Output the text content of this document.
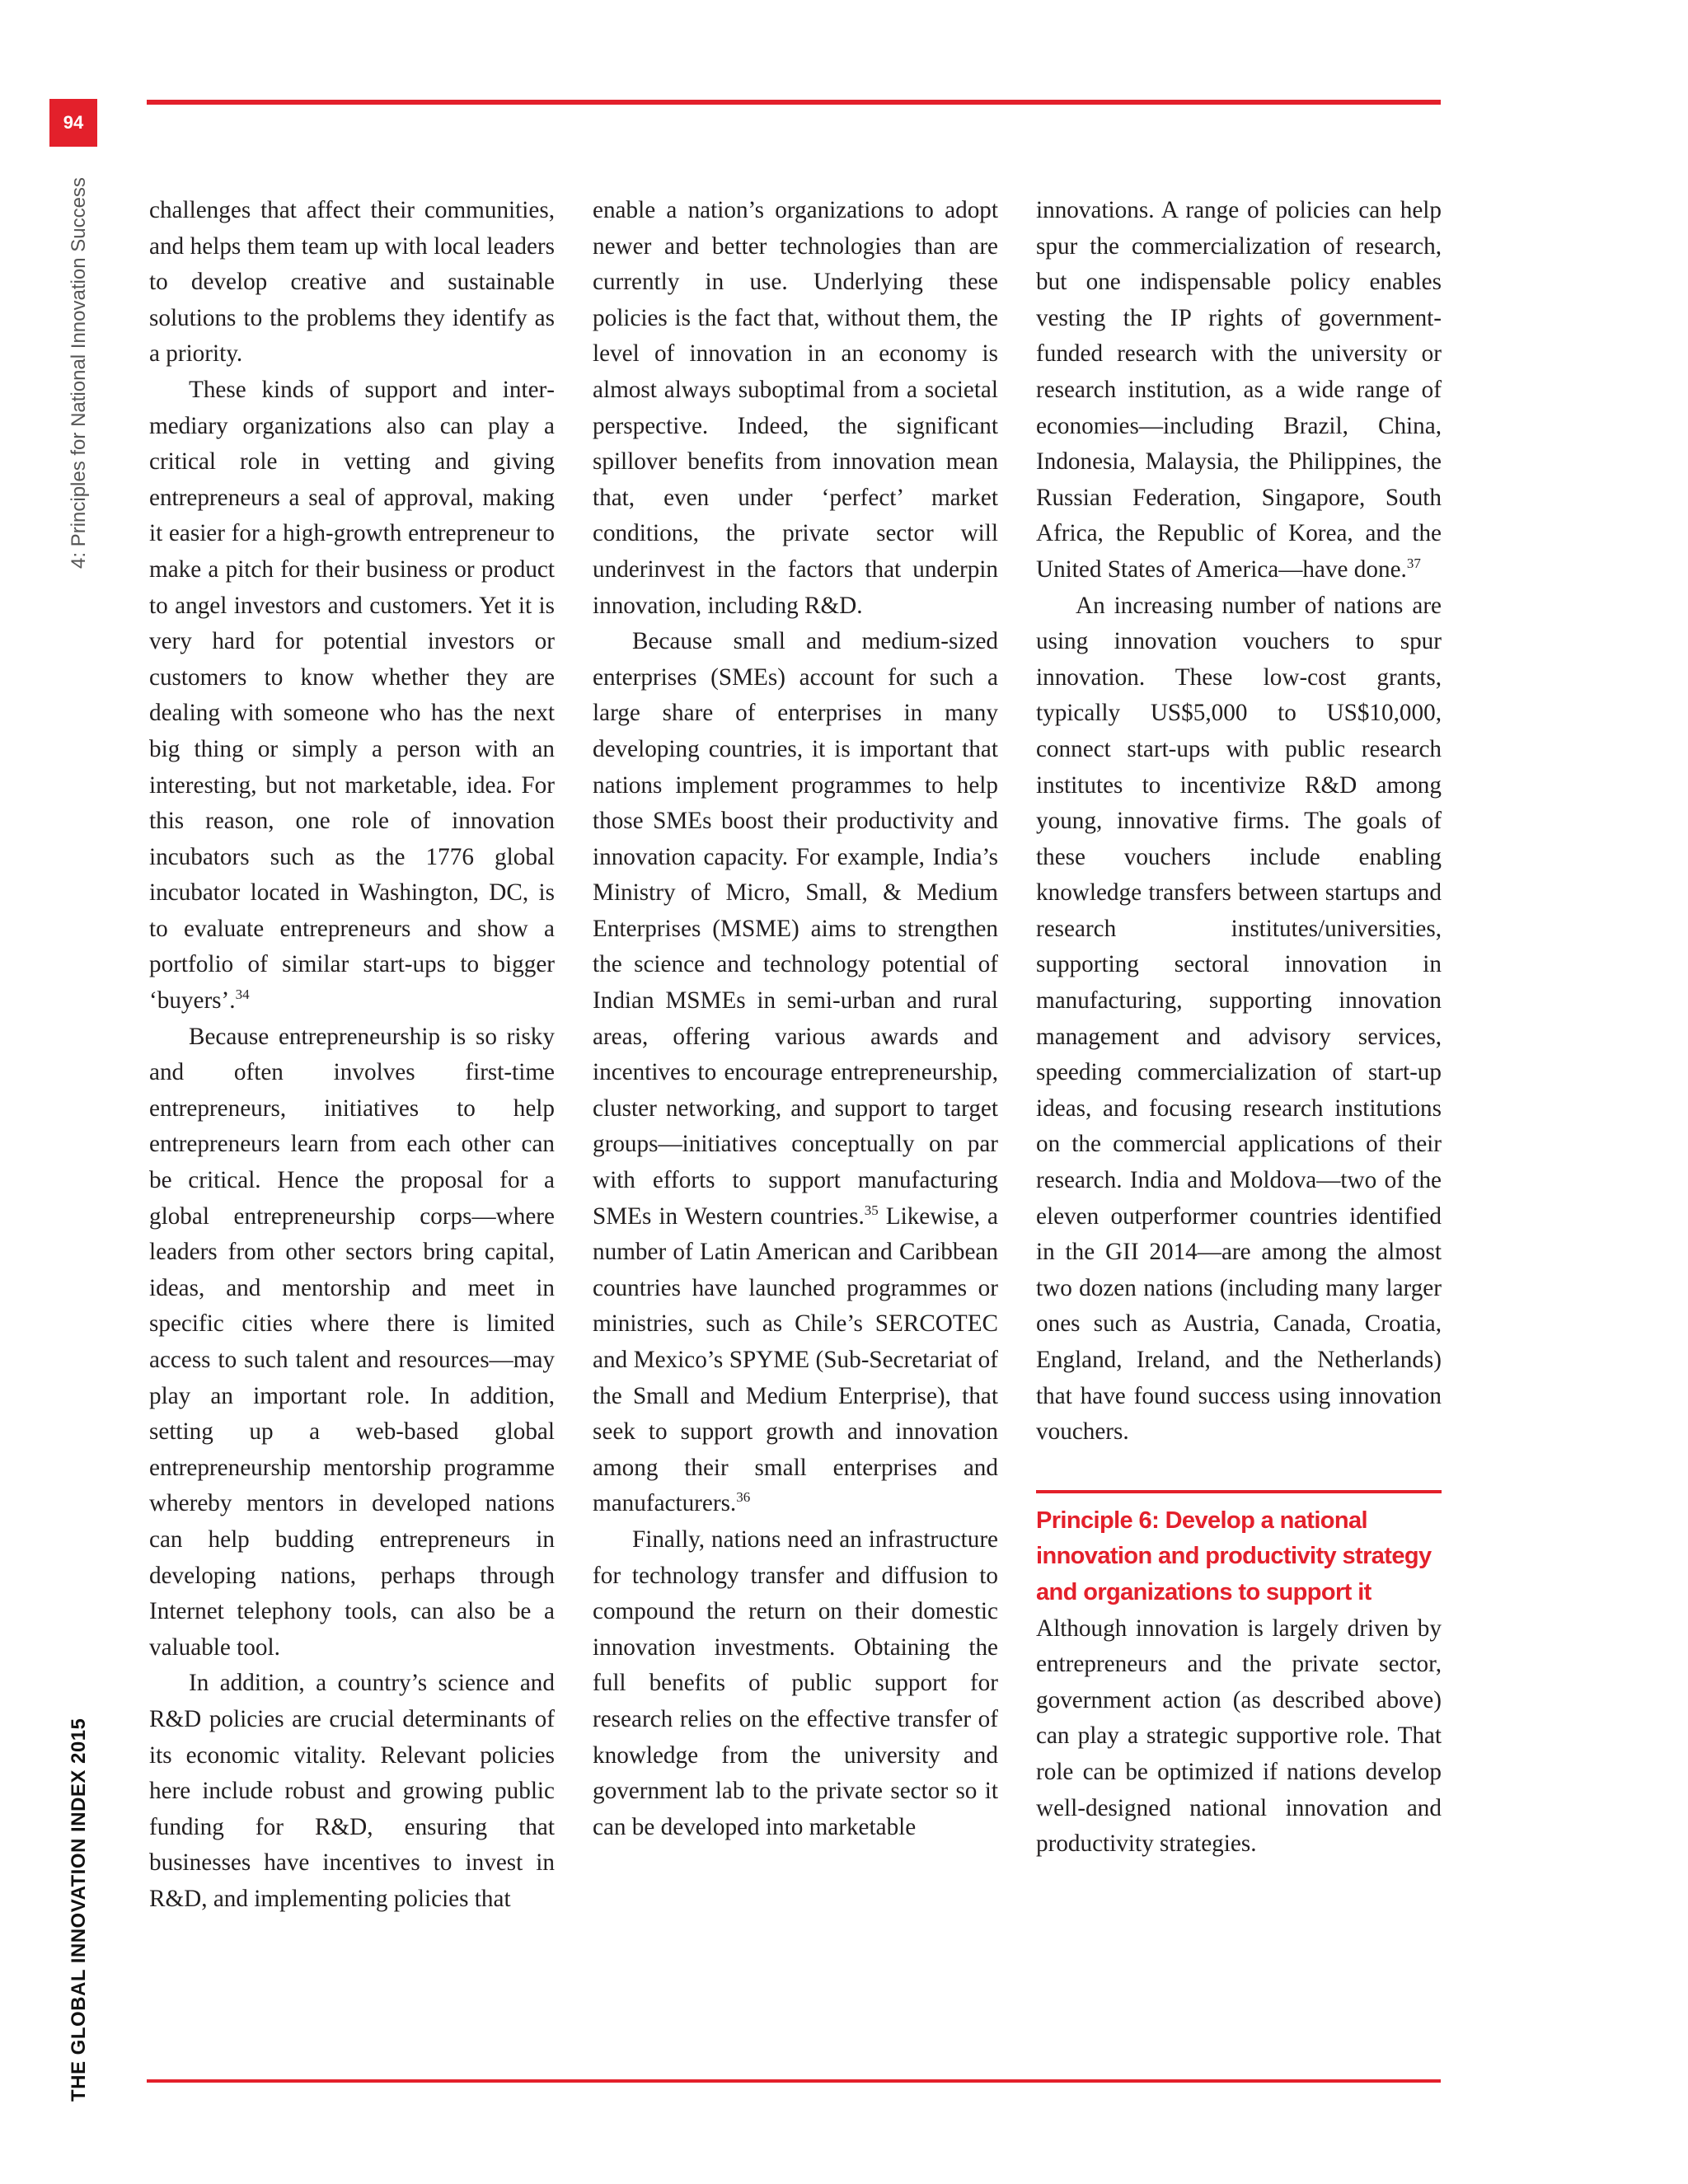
94
4: Principles for National Innovation Success
THE GLOBAL INNOVATION INDEX 2015

challenges that affect their communities, and helps them team up with local leaders to develop creative and sustainable solutions to the problems they identify as a priority.

These kinds of support and intermediary organizations also can play a critical role in vetting and giving entrepreneurs a seal of approval, making it easier for a high-growth entrepreneur to make a pitch for their business or product to angel investors and customers. Yet it is very hard for potential investors or customers to know whether they are dealing with someone who has the next big thing or simply a person with an interesting, but not marketable, idea. For this reason, one role of innovation incubators such as the 1776 global incubator located in Washington, DC, is to evaluate entrepreneurs and show a portfolio of similar start-ups to bigger ‘buyers’.$^{34}$

Because entrepreneurship is so risky and often involves first-time entrepreneurs, initiatives to help entrepreneurs learn from each other can be critical. Hence the proposal for a global entrepreneurship corps—where leaders from other sectors bring capital, ideas, and mentorship and meet in specific cities where there is limited access to such talent and resources—may play an important role. In addition, setting up a web-based global entrepreneurship mentorship programme whereby mentors in developed nations can help budding entrepreneurs in developing nations, perhaps through Internet telephony tools, can also be a valuable tool.

In addition, a country’s science and R&D policies are crucial determinants of its economic vitality. Relevant policies here include robust and growing public funding for R&D, ensuring that businesses have incentives to invest in R&D, and implementing policies that

enable a nation’s organizations to adopt newer and better technologies than are currently in use. Underlying these policies is the fact that, without them, the level of innovation in an economy is almost always suboptimal from a societal perspective. Indeed, the significant spillover benefits from innovation mean that, even under ‘perfect’ market conditions, the private sector will underinvest in the factors that underpin innovation, including R&D.

Because small and medium-sized enterprises (SMEs) account for such a large share of enterprises in many developing countries, it is important that nations implement programmes to help those SMEs boost their productivity and innovation capacity. For example, India’s Ministry of Micro, Small, & Medium Enterprises (MSME) aims to strengthen the science and technology potential of Indian MSMEs in semi-urban and rural areas, offering various awards and incentives to encourage entrepreneurship, cluster networking, and support to target groups—initiatives conceptually on par with efforts to support manufacturing SMEs in Western countries.$^{35}$ Likewise, a number of Latin American and Caribbean countries have launched programmes or ministries, such as Chile’s SERCOTEC and Mexico’s SPYME (Sub-Secretariat of the Small and Medium Enterprise), that seek to support growth and innovation among their small enterprises and manufacturers.$^{36}$

Finally, nations need an infrastructure for technology transfer and diffusion to compound the return on their domestic innovation investments. Obtaining the full benefits of public support for research relies on the effective transfer of knowledge from the university and government lab to the private sector so it can be developed into marketable

innovations. A range of policies can help spur the commercialization of research, but one indispensable policy enables vesting the IP rights of government-funded research with the university or research institution, as a wide range of economies—including Brazil, China, Indonesia, Malaysia, the Philippines, the Russian Federation, Singapore, South Africa, the Republic of Korea, and the United States of America—have done.$^{37}$

An increasing number of nations are using innovation vouchers to spur innovation. These low-cost grants, typically US$5,000 to US$10,000, connect start-ups with public research institutes to incentivize R&D among young, innovative firms. The goals of these vouchers include enabling knowledge transfers between startups and research institutes/universities, supporting sectoral innovation in manufacturing, supporting innovation management and advisory services, speeding commercialization of start-up ideas, and focusing research institutions on the commercial applications of their research. India and Moldova—two of the eleven outperformer countries identified in the GII 2014—are among the almost two dozen nations (including many larger ones such as Austria, Canada, Croatia, England, Ireland, and the Netherlands) that have found success using innovation vouchers.

Principle 6: Develop a national innovation and productivity strategy and organizations to support it

Although innovation is largely driven by entrepreneurs and the private sector, government action (as described above) can play a strategic supportive role. That role can be optimized if nations develop well-designed national innovation and productivity strategies.
